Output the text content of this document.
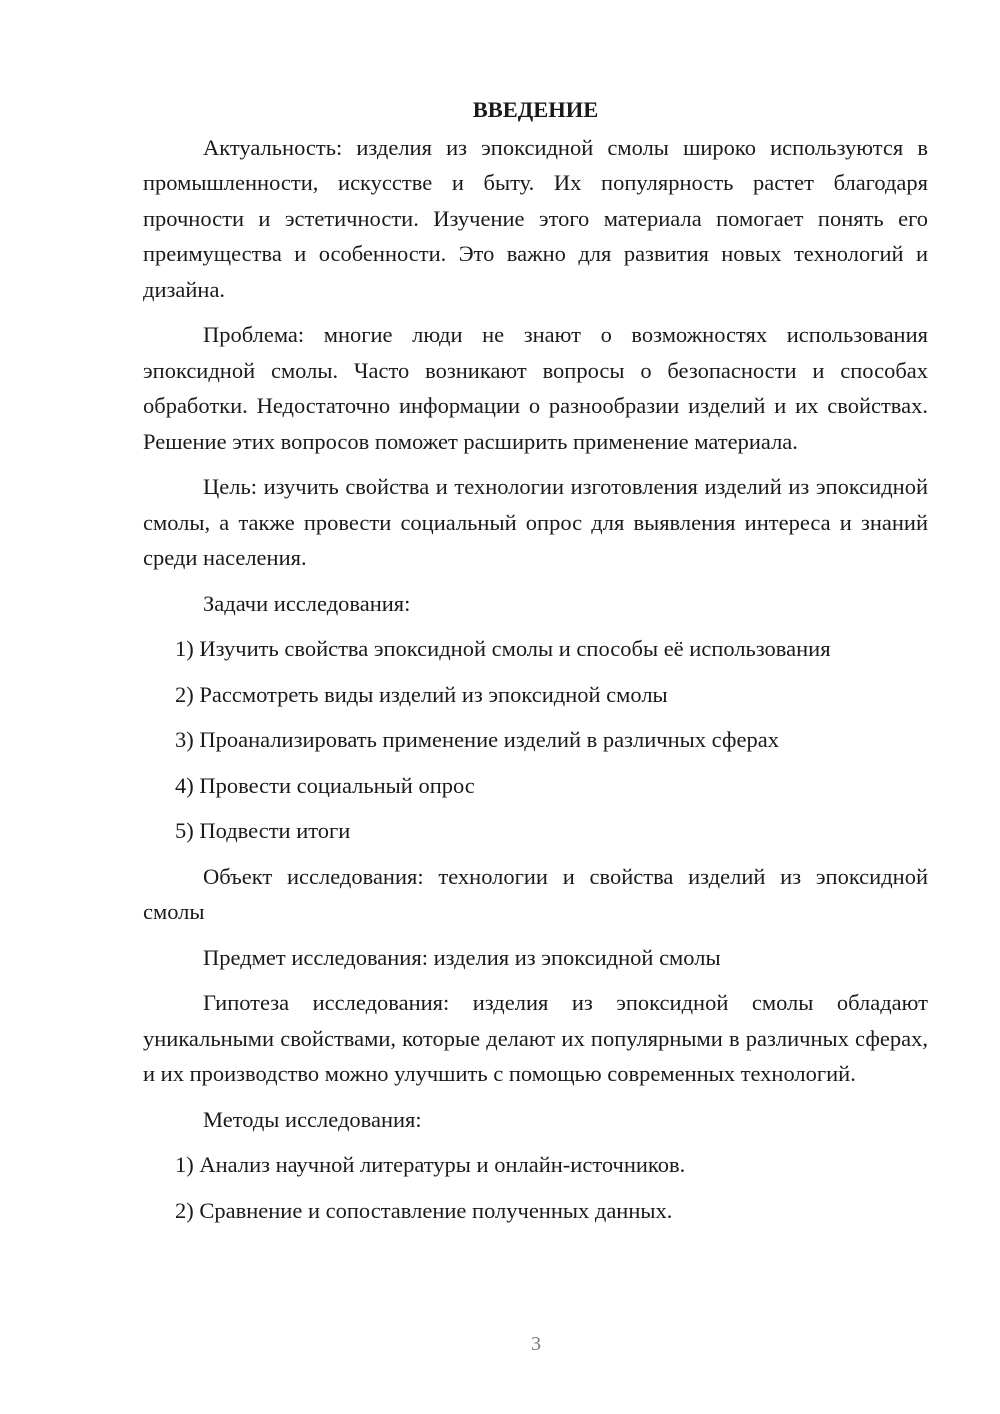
ВВЕДЕНИЕ

Актуальность: изделия из эпоксидной смолы широко используются в промышленности, искусстве и быту. Их популярность растет благодаря прочности и эстетичности. Изучение этого материала помогает понять его преимущества и особенности. Это важно для развития новых технологий и дизайна.

Проблема: многие люди не знают о возможностях использования эпоксидной смолы. Часто возникают вопросы о безопасности и способах обработки. Недостаточно информации о разнообразии изделий и их свойствах. Решение этих вопросов поможет расширить применение материала.

Цель: изучить свойства и технологии изготовления изделий из эпоксидной смолы, а также провести социальный опрос для выявления интереса и знаний среди населения.

Задачи исследования:

1) Изучить свойства эпоксидной смолы и способы её использования
2) Рассмотреть виды изделий из эпоксидной смолы
3) Проанализировать применение изделий в различных сферах
4) Провести социальный опрос
5) Подвести итоги

Объект исследования: технологии и свойства изделий из эпоксидной смолы

Предмет исследования: изделия из эпоксидной смолы

Гипотеза исследования: изделия из эпоксидной смолы обладают уникальными свойствами, которые делают их популярными в различных сферах, и их производство можно улучшить с помощью современных технологий.

Методы исследования:

1) Анализ научной литературы и онлайн-источников.
2) Сравнение и сопоставление полученных данных.
3
